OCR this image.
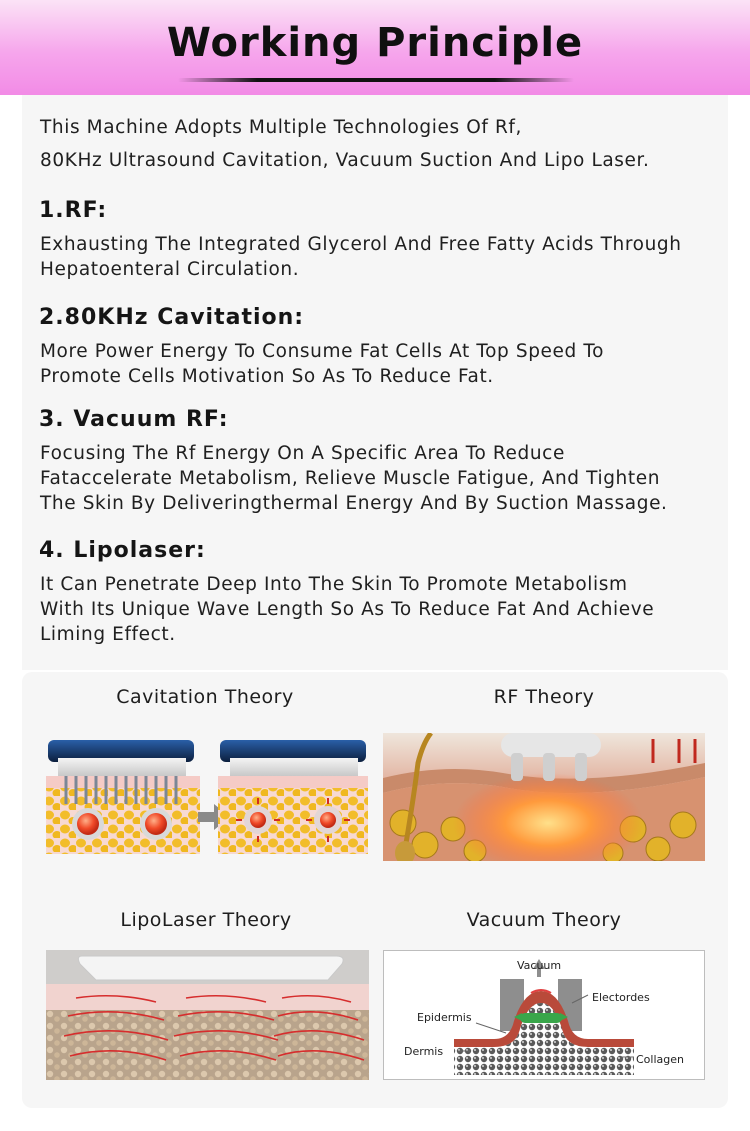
Working Principle
This Machine Adopts Multiple Technologies Of Rf,
80KHz Ultrasound Cavitation, Vacuum Suction And Lipo Laser.
1.RF:
Exhausting The Integrated Glycerol And Free Fatty Acids Through
Hepatoenteral Circulation.
2.80KHz Cavitation:
More Power Energy To Consume Fat Cells At Top Speed To
Promote Cells Motivation So As To Reduce Fat.
3. Vacuum RF:
Focusing The Rf Energy On A Specific Area To Reduce
Fataccelerate Metabolism, Relieve Muscle Fatigue, And Tighten
The Skin By Deliveringthermal Energy And By Suction Massage.
4. Lipolaser:
It Can Penetrate Deep Into The Skin To Promote Metabolism
With Its Unique Wave Length So As To Reduce Fat And Achieve
Liming Effect.
Cavitation Theory	RF Theory
LipoLaser Theory	Vacuum Theory
Vacuum
Electordes
Epidermis
Dermis
Collagen
